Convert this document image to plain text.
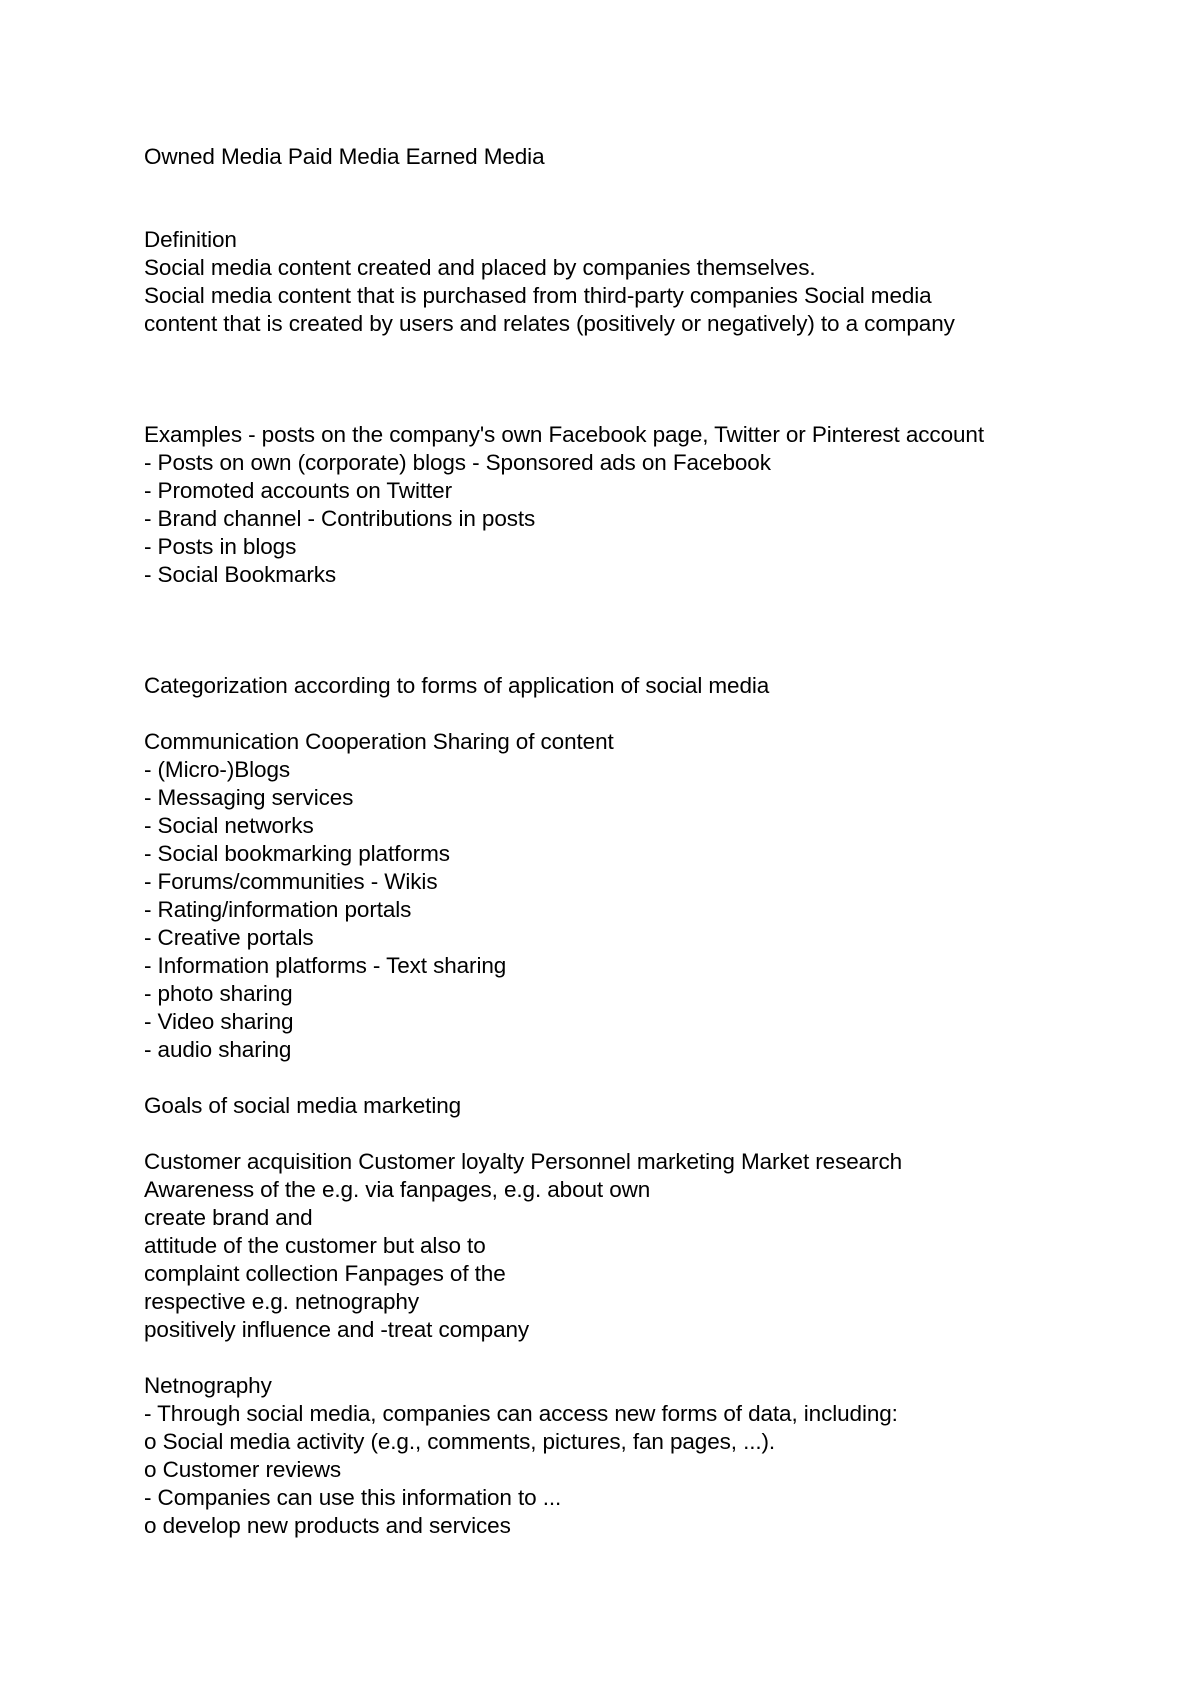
Owned Media Paid Media Earned Media
Definition
Social media content created and placed by companies themselves.
Social media content that is purchased from third-party companies Social media
content that is created by users and relates (positively or negatively) to a company
Examples - posts on the company's own Facebook page, Twitter or Pinterest account
- Posts on own (corporate) blogs - Sponsored ads on Facebook
- Promoted accounts on Twitter
- Brand channel - Contributions in posts
- Posts in blogs
- Social Bookmarks
Categorization according to forms of application of social media
Communication Cooperation Sharing of content
- (Micro-)Blogs
- Messaging services
- Social networks
- Social bookmarking platforms
- Forums/communities - Wikis
- Rating/information portals
- Creative portals
- Information platforms - Text sharing
- photo sharing
- Video sharing
- audio sharing
Goals of social media marketing
Customer acquisition Customer loyalty Personnel marketing Market research
Awareness of the e.g. via fanpages, e.g. about own
create brand and
attitude of the customer but also to
complaint collection Fanpages of the
respective e.g. netnography
positively influence and -treat company
Netnography
- Through social media, companies can access new forms of data, including:
o Social media activity (e.g., comments, pictures, fan pages, ...).
o Customer reviews
- Companies can use this information to ...
o develop new products and services
